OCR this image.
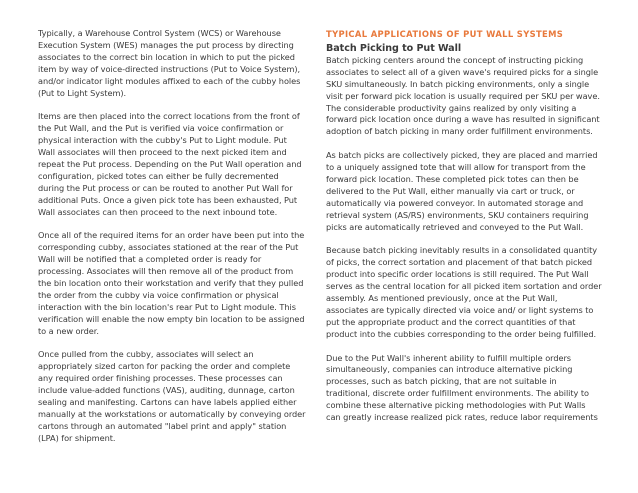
Typically, a Warehouse Control System (WCS) or Warehouse Execution System (WES) manages the put process by directing associates to the correct bin location in which to put the picked item by way of voice-directed instructions (Put to Voice System), and/or indicator light modules affixed to each of the cubby holes (Put to Light System).

Items are then placed into the correct locations from the front of the Put Wall, and the Put is verified via voice confirmation or physical interaction with the cubby's Put to Light module. Put Wall associates will then proceed to the next picked item and repeat the Put process. Depending on the Put Wall operation and configuration, picked totes can either be fully decremented during the Put process or can be routed to another Put Wall for additional Puts. Once a given pick tote has been exhausted, Put Wall associates can then proceed to the next inbound tote.

Once all of the required items for an order have been put into the corresponding cubby, associates stationed at the rear of the Put Wall will be notified that a completed order is ready for processing. Associates will then remove all of the product from the bin location onto their workstation and verify that they pulled the order from the cubby via voice confirmation or physical interaction with the bin location's rear Put to Light module. This verification will enable the now empty bin location to be assigned to a new order.

Once pulled from the cubby, associates will select an appropriately sized carton for packing the order and complete any required order finishing processes. These processes can include value-added functions (VAS), auditing, dunnage, carton sealing and manifesting. Cartons can have labels applied either manually at the workstations or automatically by conveying order cartons through an automated "label print and apply" station (LPA) for shipment.

TYPICAL APPLICATIONS OF PUT WALL SYSTEMS
Batch Picking to Put Wall

Batch picking centers around the concept of instructing picking associates to select all of a given wave's required picks for a single SKU simultaneously. In batch picking environments, only a single visit per forward pick location is usually required per SKU per wave. The considerable productivity gains realized by only visiting a forward pick location once during a wave has resulted in significant adoption of batch picking in many order fulfillment environments.

As batch picks are collectively picked, they are placed and married to a uniquely assigned tote that will allow for transport from the forward pick location. These completed pick totes can then be delivered to the Put Wall, either manually via cart or truck, or automatically via powered conveyor. In automated storage and retrieval system (AS/RS) environments, SKU containers requiring picks are automatically retrieved and conveyed to the Put Wall.

Because batch picking inevitably results in a consolidated quantity of picks, the correct sortation and placement of that batch picked product into specific order locations is still required. The Put Wall serves as the central location for all picked item sortation and order assembly. As mentioned previously, once at the Put Wall, associates are typically directed via voice and/ or light systems to put the appropriate product and the correct quantities of that product into the cubbies corresponding to the order being fulfilled.

Due to the Put Wall's inherent ability to fulfill multiple orders simultaneously, companies can introduce alternative picking processes, such as batch picking, that are not suitable in traditional, discrete order fulfillment environments. The ability to combine these alternative picking methodologies with Put Walls can greatly increase realized pick rates, reduce labor requirements
